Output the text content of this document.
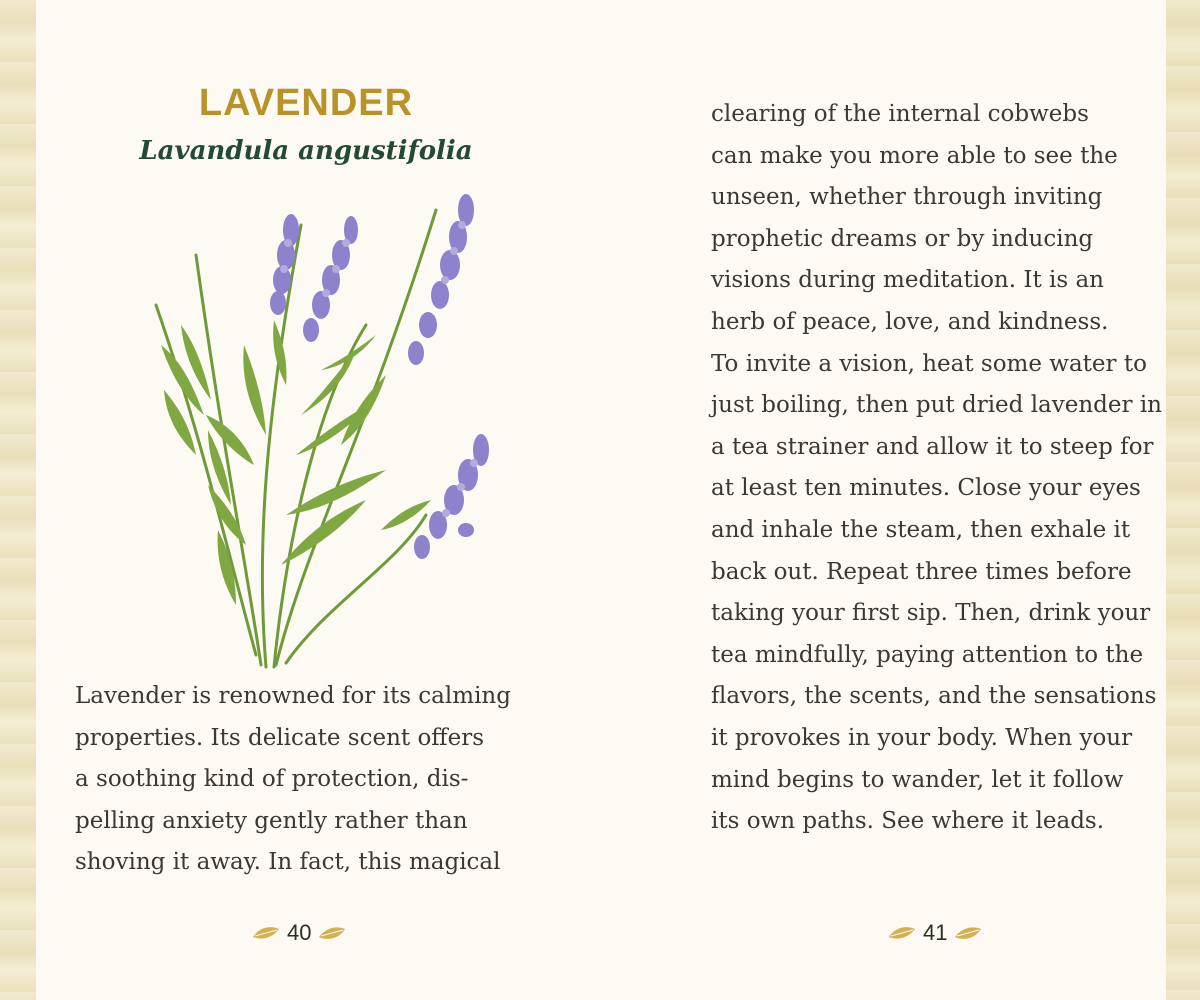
LAVENDER
Lavandula angustifolia
Lavender is renowned for its calming
properties. Its delicate scent offers
a soothing kind of protection, dis-
pelling anxiety gently rather than
shoving it away. In fact, this magical
40
clearing of the internal cobwebs
can make you more able to see the
unseen, whether through inviting
prophetic dreams or by inducing
visions during meditation. It is an
herb of peace, love, and kindness.
To invite a vision, heat some water to
just boiling, then put dried lavender in
a tea strainer and allow it to steep for
at least ten minutes. Close your eyes
and inhale the steam, then exhale it
back out. Repeat three times before
taking your first sip. Then, drink your
tea mindfully, paying attention to the
flavors, the scents, and the sensations
it provokes in your body. When your
mind begins to wander, let it follow
its own paths. See where it leads.
41
